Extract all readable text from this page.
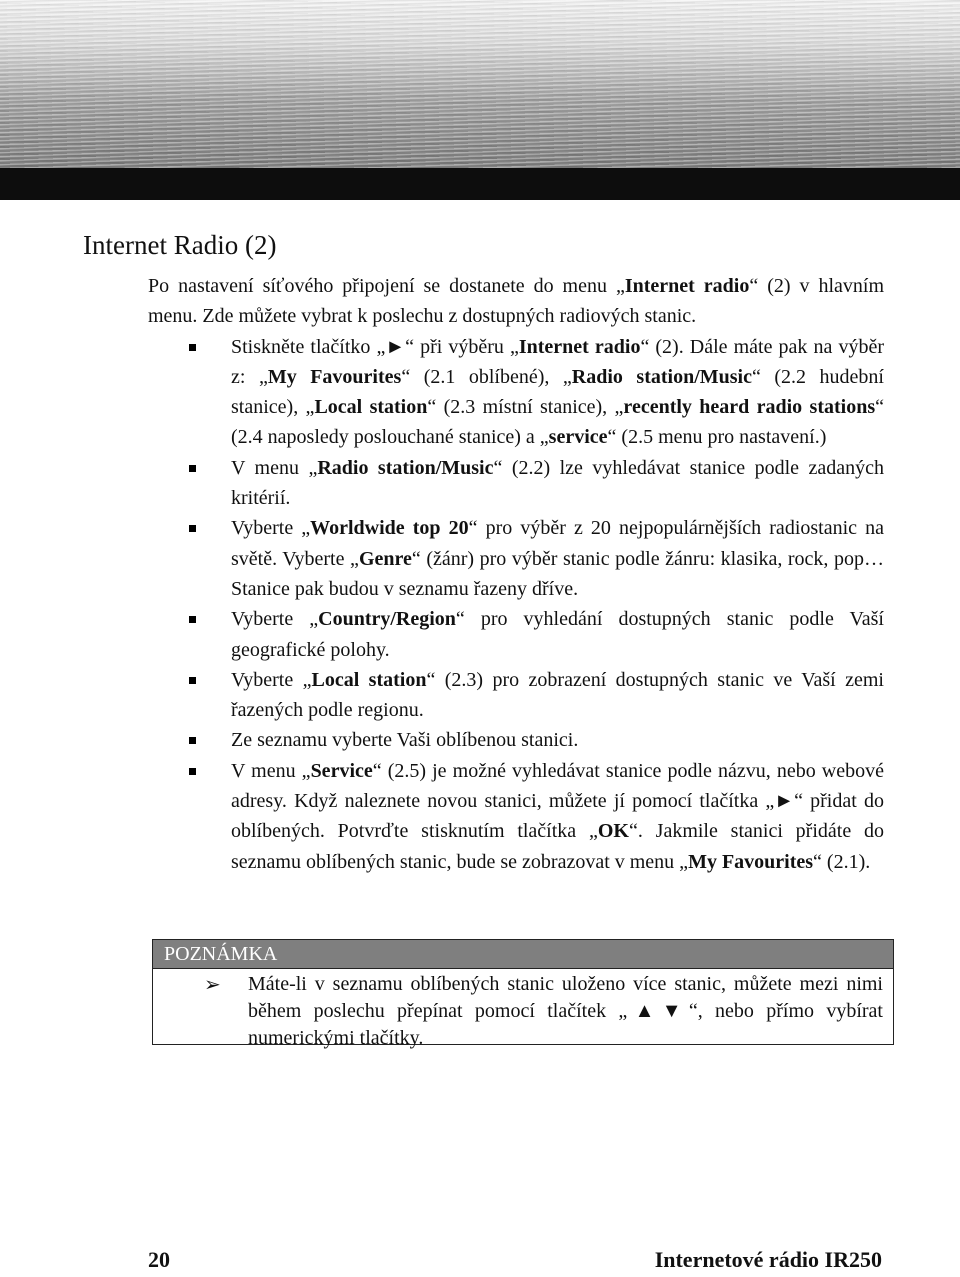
Internet Radio (2)

Po nastavení síťového připojení se dostanete do menu „Internet radio“ (2) v hlavním menu. Zde můžete vybrat k poslechu z dostupných radiových stanic.

Stiskněte tlačítko „►“ při výběru „Internet radio“ (2). Dále máte pak na výběr z: „My Favourites“ (2.1 oblíbené), „Radio station/Music“ (2.2 hudební stanice), „Local station“ (2.3 místní stanice), „recently heard radio stations“ (2.4 naposledy poslouchané stanice) a „service“ (2.5 menu pro nastavení.)
V menu „Radio station/Music“ (2.2) lze vyhledávat stanice podle zadaných kritérií.
Vyberte „Worldwide top 20“ pro výběr z 20 nejpopulárnějších radiostanic na světě. Vyberte „Genre“ (žánr) pro výběr stanic podle žánru: klasika, rock, pop… Stanice pak budou v seznamu řazeny dříve.
Vyberte „Country/Region“ pro vyhledání dostupných stanic podle Vaší geografické polohy.
Vyberte „Local station“ (2.3) pro zobrazení dostupných stanic ve Vaší zemi řazených podle regionu.
Ze seznamu vyberte Vaši oblíbenou stanici.
V menu „Service“ (2.5) je možné vyhledávat stanice podle názvu, nebo webové adresy. Když naleznete novou stanici, můžete jí pomocí tlačítka „►“ přidat do oblíbených. Potvrďte stisknutím tlačítka „OK“. Jakmile stanici přidáte do seznamu oblíbených stanic, bude se zobrazovat v menu „My Favourites“ (2.1).
POZNÁMKA
➢ Máte-li v seznamu oblíbených stanic uloženo více stanic, můžete mezi nimi během poslechu přepínat pomocí tlačítek „▲▼“, nebo přímo vybírat numerickými tlačítky.
20	Internetové rádio IR250
